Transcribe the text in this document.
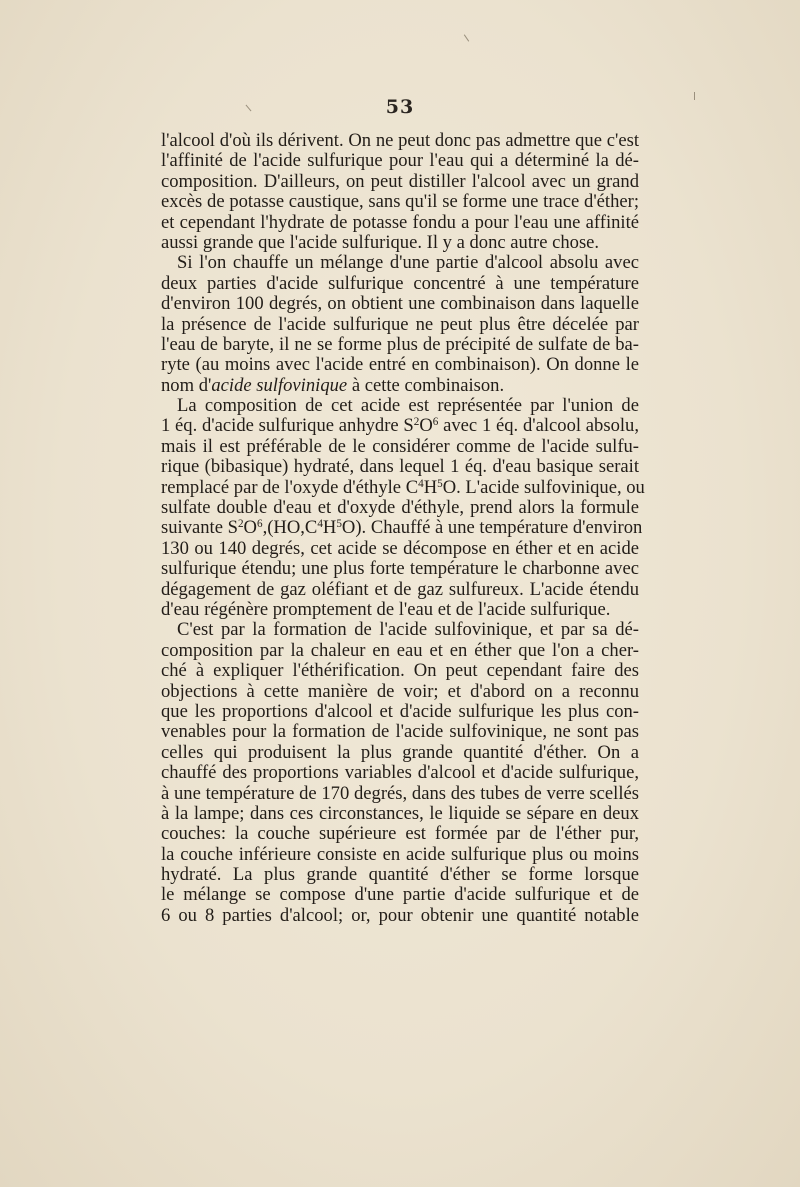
53
l'alcool d'où ils dérivent. On ne peut donc pas admettre que c'est
l'affinité de l'acide sulfurique pour l'eau qui a déterminé la dé-
composition. D'ailleurs, on peut distiller l'alcool avec un grand
excès de potasse caustique, sans qu'il se forme une trace d'éther;
et cependant l'hydrate de potasse fondu a pour l'eau une affinité
aussi grande que l'acide sulfurique. Il y a donc autre chose.
Si l'on chauffe un mélange d'une partie d'alcool absolu avec
deux parties d'acide sulfurique concentré à une température
d'environ 100 degrés, on obtient une combinaison dans laquelle
la présence de l'acide sulfurique ne peut plus être décelée par
l'eau de baryte, il ne se forme plus de précipité de sulfate de ba-
ryte (au moins avec l'acide entré en combinaison). On donne le
nom d'acide sulfovinique à cette combinaison.
La composition de cet acide est représentée par l'union de
1 éq. d'acide sulfurique anhydre $S^2O^6$ avec 1 éq. d'alcool absolu,
mais il est préférable de le considérer comme de l'acide sulfu-
rique (bibasique) hydraté, dans lequel 1 éq. d'eau basique serait
remplacé par de l'oxyde d'éthyle $C^4H^5O$. L'acide sulfovinique, ou
sulfate double d'eau et d'oxyde d'éthyle, prend alors la formule
suivante $S^2O^6,(HO,C^4H^5O)$. Chauffé à une température d'environ
130 ou 140 degrés, cet acide se décompose en éther et en acide
sulfurique étendu; une plus forte température le charbonne avec
dégagement de gaz oléfiant et de gaz sulfureux. L'acide étendu
d'eau régénère promptement de l'eau et de l'acide sulfurique.
C'est par la formation de l'acide sulfovinique, et par sa dé-
composition par la chaleur en eau et en éther que l'on a cher-
ché à expliquer l'éthérification. On peut cependant faire des
objections à cette manière de voir; et d'abord on a reconnu
que les proportions d'alcool et d'acide sulfurique les plus con-
venables pour la formation de l'acide sulfovinique, ne sont pas
celles qui produisent la plus grande quantité d'éther. On a
chauffé des proportions variables d'alcool et d'acide sulfurique,
à une température de 170 degrés, dans des tubes de verre scellés
à la lampe; dans ces circonstances, le liquide se sépare en deux
couches: la couche supérieure est formée par de l'éther pur,
la couche inférieure consiste en acide sulfurique plus ou moins
hydraté. La plus grande quantité d'éther se forme lorsque
le mélange se compose d'une partie d'acide sulfurique et de
6 ou 8 parties d'alcool; or, pour obtenir une quantité notable
